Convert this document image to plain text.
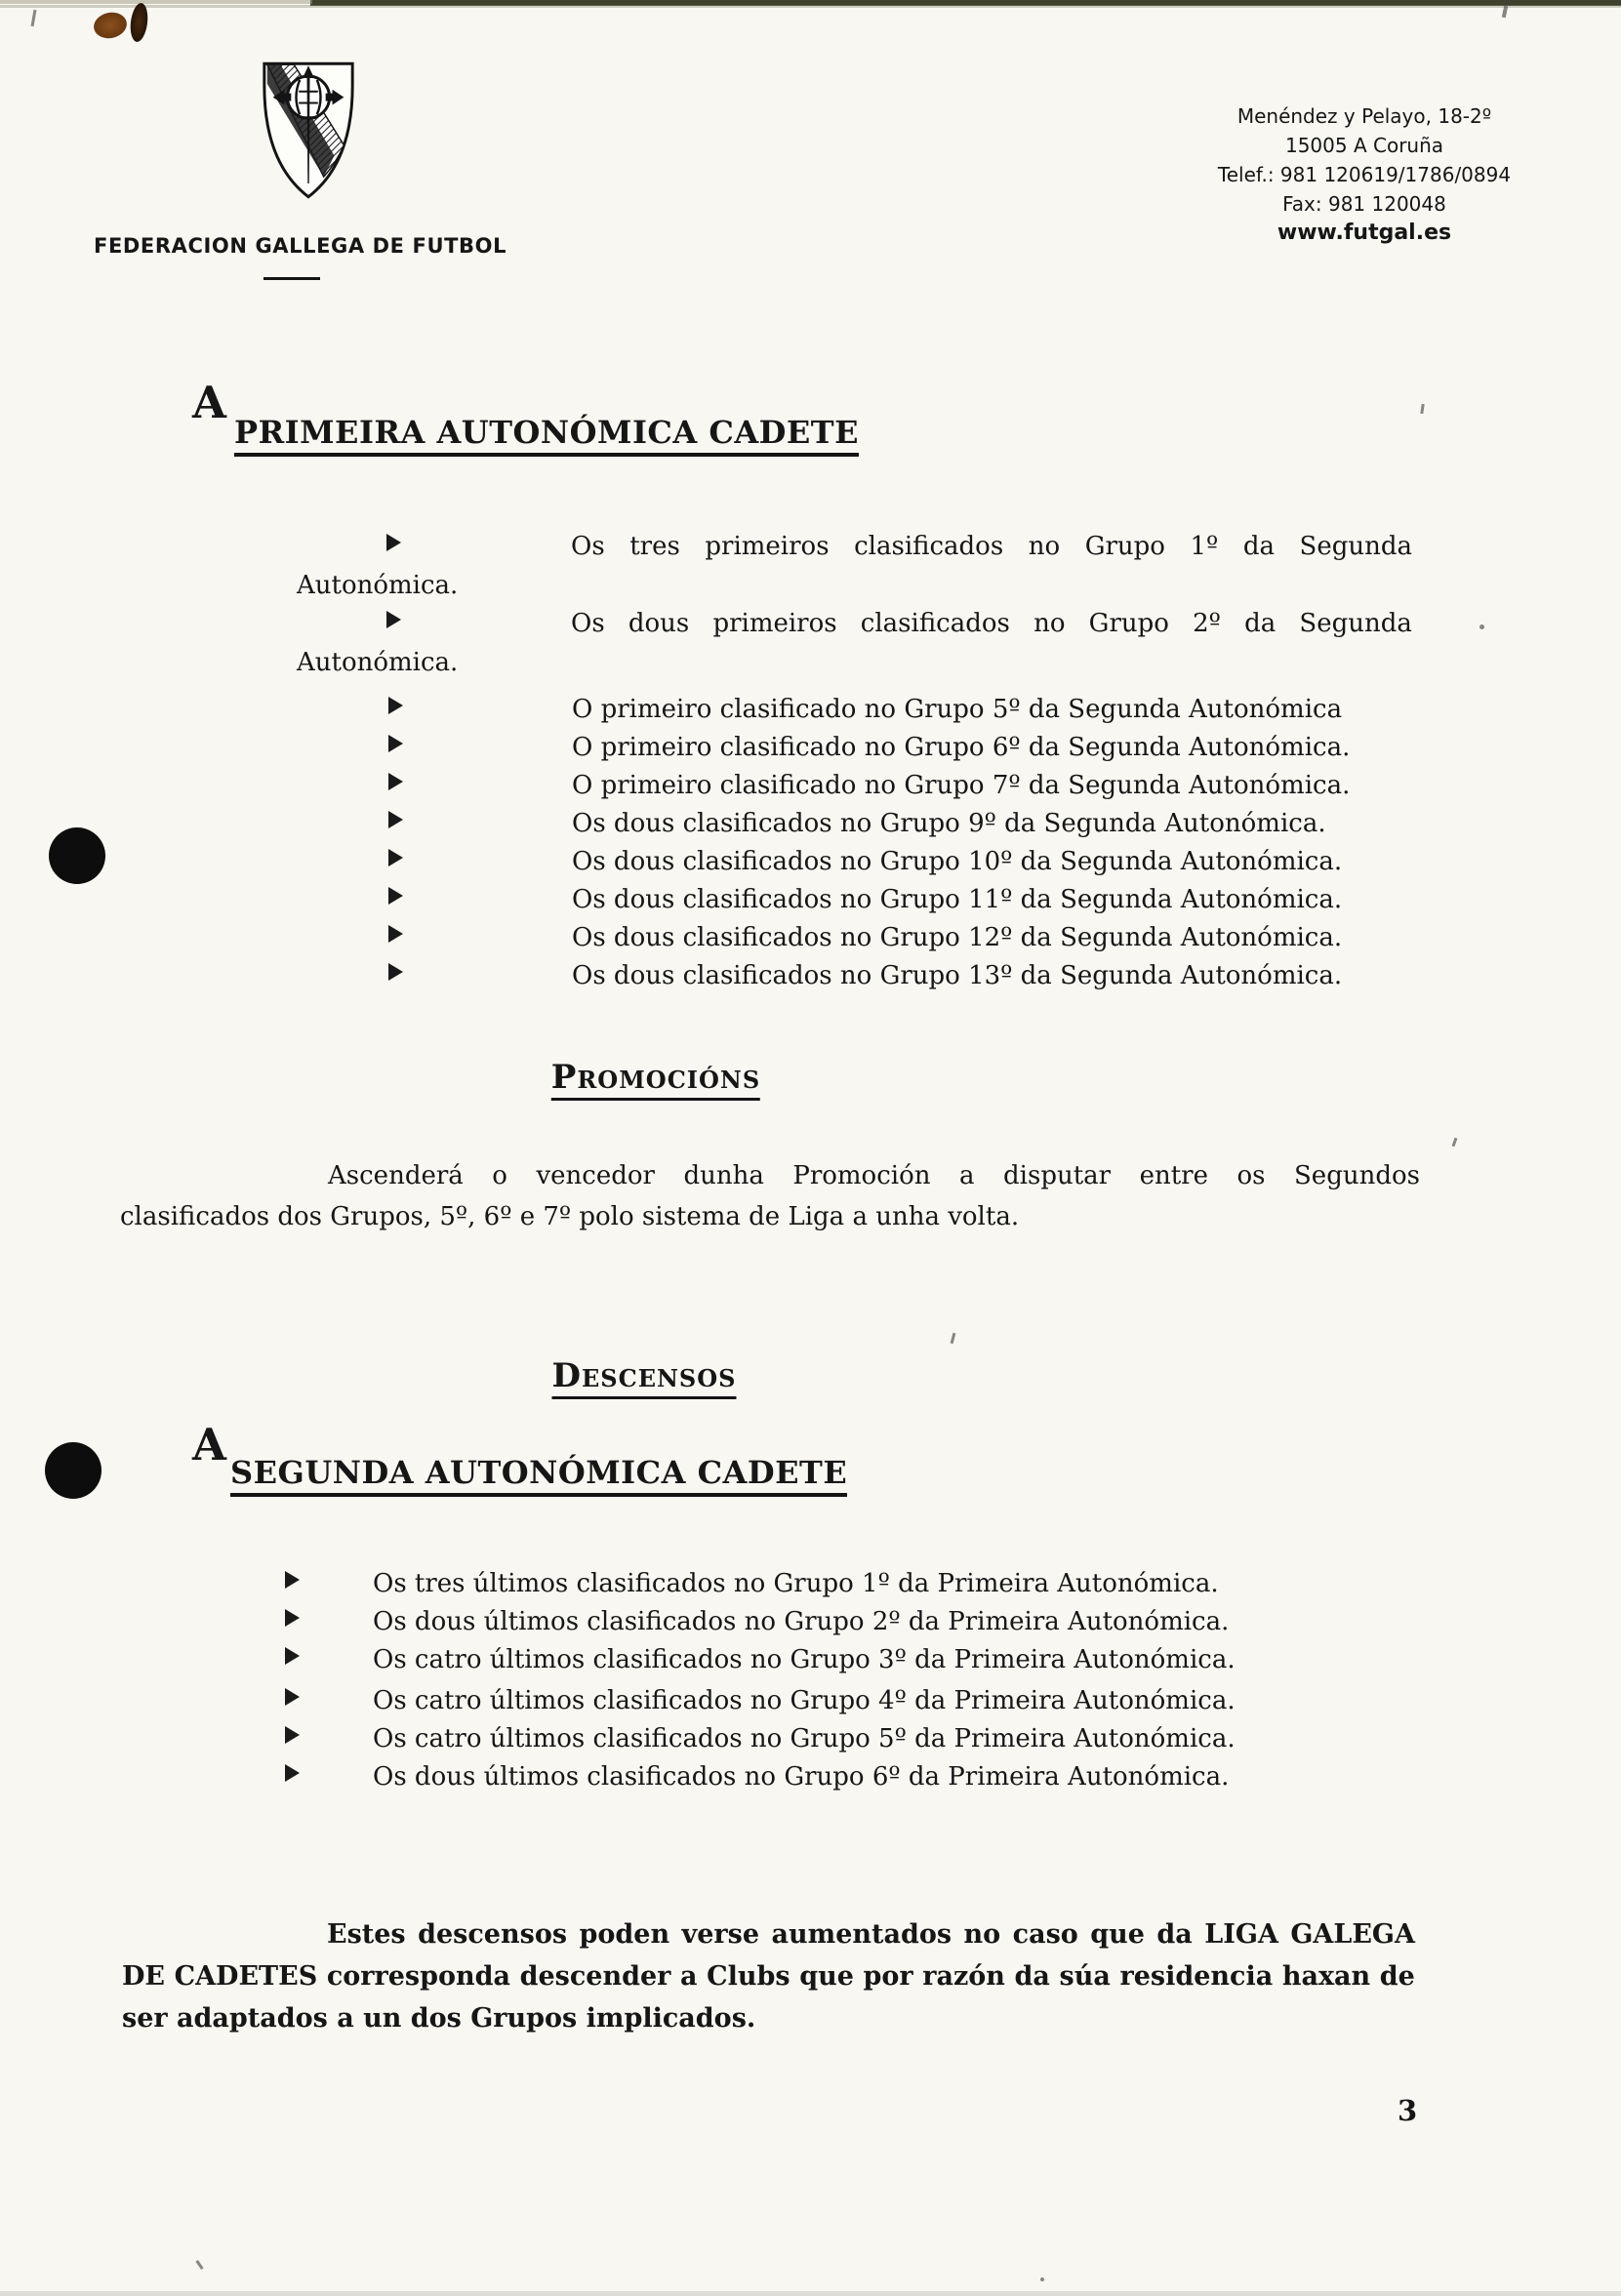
FEDERACION GALLEGA DE FUTBOL
Menéndez y Pelayo, 18-2º
15005 A Coruña
Telef.: 981 120619/1786/0894
Fax: 981 120048
www.futgal.es
A
PRIMEIRA AUTONÓMICA CADETE
Os tres primeiros clasificados no Grupo 1º da Segunda
Autonómica.
Os dous primeiros clasificados no Grupo 2º da Segunda
Autonómica.
O primeiro clasificado no Grupo 5º da Segunda Autonómica
O primeiro clasificado no Grupo 6º da Segunda Autonómica.
O primeiro clasificado no Grupo 7º da Segunda Autonómica.
Os dous clasificados no Grupo 9º da Segunda Autonómica.
Os dous clasificados no Grupo 10º da Segunda Autonómica.
Os dous clasificados no Grupo 11º da Segunda Autonómica.
Os dous clasificados no Grupo 12º da Segunda Autonómica.
Os dous clasificados no Grupo 13º da Segunda Autonómica.
Promocións
Ascenderá o vencedor dunha Promoción a disputar entre os Segundos
clasificados dos Grupos, 5º, 6º e 7º polo sistema de Liga a unha volta.
Descensos
A
SEGUNDA AUTONÓMICA CADETE
Os tres últimos clasificados no Grupo 1º da Primeira Autonómica.
Os dous últimos clasificados no Grupo 2º da Primeira Autonómica.
Os catro últimos clasificados no Grupo 3º da Primeira Autonómica.
Os catro últimos clasificados no Grupo 4º da Primeira Autonómica.
Os catro últimos clasificados no Grupo 5º da Primeira Autonómica.
Os dous últimos clasificados no Grupo 6º da Primeira Autonómica.
Estes descensos poden verse aumentados no caso que da LIGA GALEGA
DE CADETES corresponda descender a Clubs que por razón da súa residencia haxan de
ser adaptados a un dos Grupos implicados.
3
